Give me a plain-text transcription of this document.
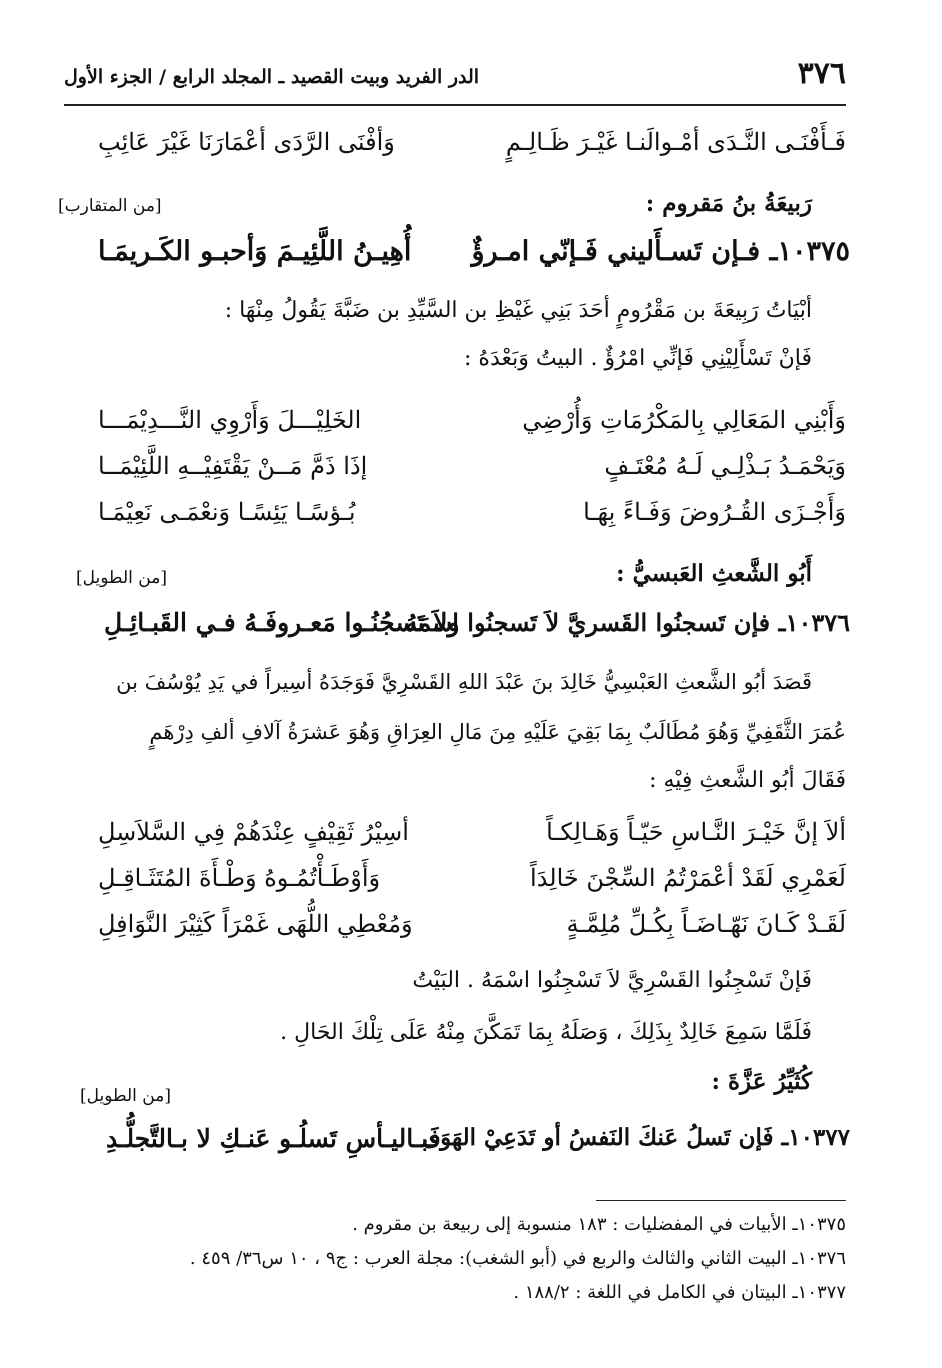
٣٧٦
الدر الفريد وبيت القصيد ـ المجلد الرابع / الجزء الأول
فَـأَفْنَـى النَّـدَى أمْـوالَنـا غَيْـرَ ظَـالِـمٍ
وَأفْنَى الرَّدَى أعْمَارَنَا غَيْرَ عَائِبِ
رَبيعَةُ بنُ مَقروم :
[من المتقارب]
١٠٣٧٥ـ فـإن تَسـأَليني فَـإنّي امـرؤٌ
أُهِيـنُ اللَّئِيـمَ وَأحبـو الكَـريمَـا
أبْيَاتُ رَبِيعَةَ بن مَقْرُومٍ أحَدَ بَنِي غَيْظِ بن السَّيِّدِ بن ضَبَّةَ يَقُولُ مِنْهَا :
فَإنْ تَسْأَلِيْنِي فَإنِّي امْرُؤٌ . البيتُ وَبَعْدَهُ :
وَأَبْنِي المَعَالِي بِالمَكْرُمَاتِ وَأُرْضِي
الخَلِيْـــلَ وَأَرْوِي النَّـــدِيْمَـــا
وَيَحْمَـدُ بَـذْلِـي لَـهُ مُعْتَـفٍ
إذَا ذَمَّ مَــنْ يَقْتَفِيْــهِ اللَّئِيْمَــا
وَأَجْـزَى القُـرُوضَ وَفَـاءً بِهَـا
بُـؤسًـا يَئِسًـا وَنعْمَـى نَعِيْمَـا
أَبُو الشَّعثِ العَبسيُّ :
[من الطويل]
١٠٣٧٦ـ فإن تَسجنُوا القَسريَّ لاَ تَسجنُوا اسمَهُ
ولاَ تَسجُنُـوا مَعـروفَـهُ فـي القَبـائِـلِ
قَصَدَ أبُو الشَّعثِ العَبْسِيُّ خَالِدَ بنَ عَبْدَ اللهِ القَسْرِيَّ فَوَجَدَهُ أسِيراً في يَدِ يُوْسُفَ بن
عُمَرَ الثَّقَفِيِّ وَهُوَ مُطَالَبٌ بِمَا بَقِيَ عَلَيْهِ مِنَ مَالِ العِرَاقِ وَهُوَ عَشرَةُ آلافِ ألفِ دِرْهَمٍ
فَقَالَ أبُو الشَّعثِ فِيْهِ :
ألاَ إنَّ خَيْـرَ النَّـاسِ حَيّـاً وَهَـالِكـاً
أسِيْرُ ثَقِيْفٍ عِنْدَهُمْ فِي السَّلاَسِلِ
لَعَمْرِي لَقَدْ أعْمَرْتُمُ السِّجْنَ خَالِدَاً
وَأَوْطَـأْتُمُـوهُ وَطْـأَةَ المُتَثَـاقِـلِ
لَقَـدْ كَـانَ نَهّـاضَـاً بِكُـلِّ مُلِمَّـةٍ
وَمُعْطِي اللُّهَى غَمْرَاً كَثِيْرَ النَّوَافِلِ
فَإنْ تَسْجِنُوا القَسْرِيَّ لاَ تَسْجِنُوا اسْمَهُ . البَيْتُ
فَلَمَّا سَمِعَ خَالِدٌ بِذَلِكَ ، وَصَلَهُ بِمَا تَمَكَّنَ مِنْهُ عَلَى تِلْكَ الحَالِ .
كُثَيِّرُ عَزَّةَ :
[من الطويل]
١٠٣٧٧ـ فَإن تَسلُ عَنكَ النَفسُ أو تَدَعِيْ الهَوَى
فَبـاليـأسِ تَسلُـو عَنـكِ لا بـالتَّجلُّـدِ
١٠٣٧٥ـ الأبيات في المفضليات : ١٨٣ منسوبة إلى ربيعة بن مقروم .
١٠٣٧٦ـ البيت الثاني والثالث والربع في (أبو الشغب): مجلة العرب : ج٩ ، ١٠ س٣٦/ ٤٥٩ .
١٠٣٧٧ـ البيتان في الكامل في اللغة : ١٨٨/٢ .
